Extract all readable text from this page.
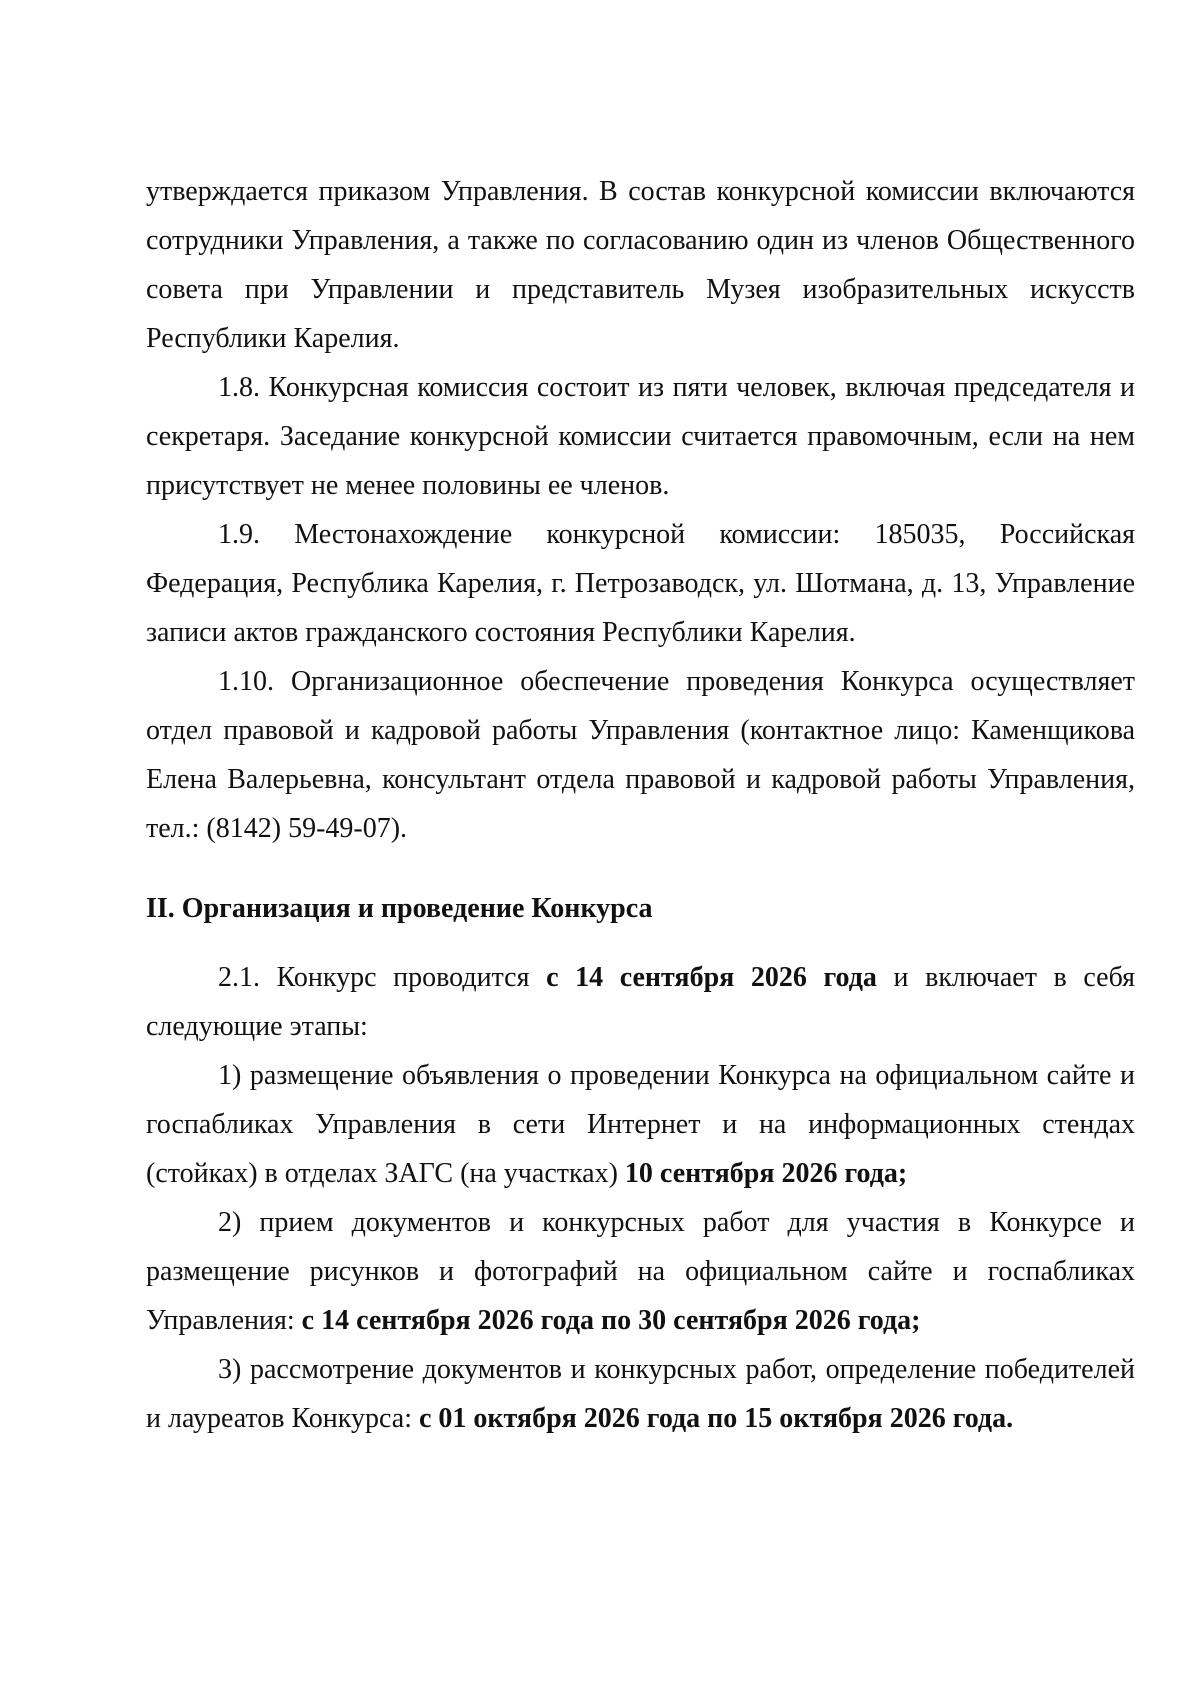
утверждается приказом Управления. В состав конкурсной комиссии включаются сотрудники Управления, а также по согласованию один из членов Общественного совета при Управлении и представитель Музея изобразительных искусств Республики Карелия.

1.8. Конкурсная комиссия состоит из пяти человек, включая председателя и секретаря. Заседание конкурсной комиссии считается правомочным, если на нем присутствует не менее половины ее членов.

1.9. Местонахождение конкурсной комиссии: 185035, Российская Федерация, Республика Карелия, г. Петрозаводск, ул. Шотмана, д. 13, Управление записи актов гражданского состояния Республики Карелия.

1.10. Организационное обеспечение проведения Конкурса осуществляет отдел правовой и кадровой работы Управления (контактное лицо: Каменщикова Елена Валерьевна, консультант отдела правовой и кадровой работы Управления, тел.: (8142) 59-49-07).

II. Организация и проведение Конкурса

2.1. Конкурс проводится с 14 сентября 2026 года и включает в себя следующие этапы:

1) размещение объявления о проведении Конкурса на официальном сайте и госпабликах Управления в сети Интернет и на информационных стендах (стойках) в отделах ЗАГС (на участках) 10 сентября 2026 года;

2) прием документов и конкурсных работ для участия в Конкурсе и размещение рисунков и фотографий на официальном сайте и госпабликах Управления: с 14 сентября 2026 года по 30 сентября 2026 года;

3) рассмотрение документов и конкурсных работ, определение победителей и лауреатов Конкурса: с 01 октября 2026 года по 15 октября 2026 года.
